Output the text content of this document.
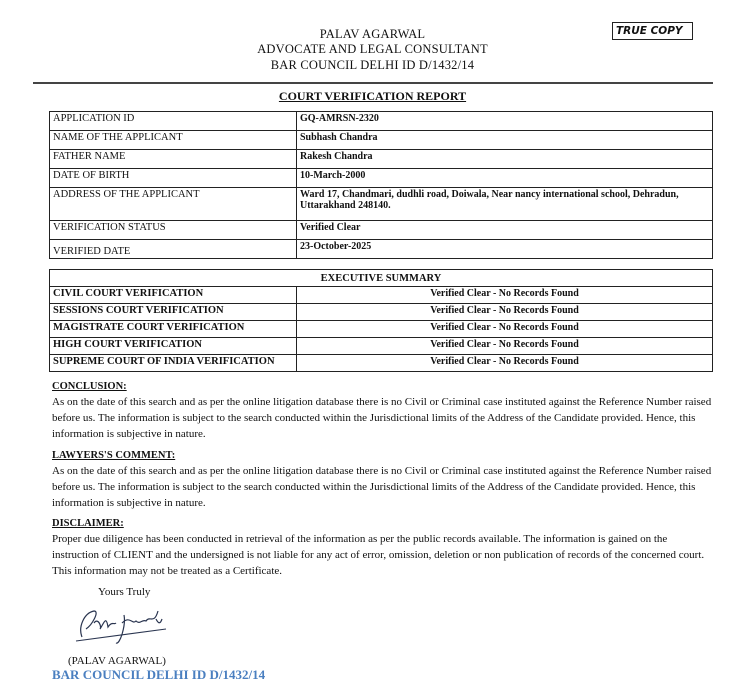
PALAV AGARWAL
ADVOCATE AND LEGAL CONSULTANT
BAR COUNCIL DELHI ID D/1432/14
TRUE COPY
COURT VERIFICATION REPORT
APPLICATION ID	GQ-AMRSN-2320
NAME OF THE APPLICANT	Subhash Chandra
FATHER NAME	Rakesh Chandra
DATE OF BIRTH	10-March-2000
ADDRESS OF THE APPLICANT	Ward 17, Chandmari, dudhli road, Doiwala, Near nancy international school, Dehradun, Uttarakhand 248140.
VERIFICATION STATUS	Verified Clear
VERIFIED DATE	23-October-2025
EXECUTIVE SUMMARY	
CIVIL COURT VERIFICATION	Verified Clear - No Records Found
SESSIONS COURT VERIFICATION	Verified Clear - No Records Found
MAGISTRATE COURT VERIFICATION	Verified Clear - No Records Found
HIGH COURT VERIFICATION	Verified Clear - No Records Found
SUPREME COURT OF INDIA VERIFICATION	Verified Clear - No Records Found
CONCLUSION:
As on the date of this search and as per the online litigation database there is no Civil or Criminal case instituted against the Reference Number raised before us. The information is subject to the search conducted within the Jurisdictional limits of the Address of the Candidate provided. Hence, this information is subjective in nature.
LAWYERS'S COMMENT:
As on the date of this search and as per the online litigation database there is no Civil or Criminal case instituted against the Reference Number raised before us. The information is subject to the search conducted within the Jurisdictional limits of the Address of the Candidate provided. Hence, this information is subjective in nature.
DISCLAIMER:
Proper due diligence has been conducted in retrieval of the information as per the public records available. The information is gained on the instruction of CLIENT and the undersigned is not liable for any act of error, omission, deletion or non publication of records of the concerned court. This information may not be treated as a Certificate.
Yours Truly
(PALAV AGARWAL)
BAR COUNCIL DELHI ID D/1432/14
